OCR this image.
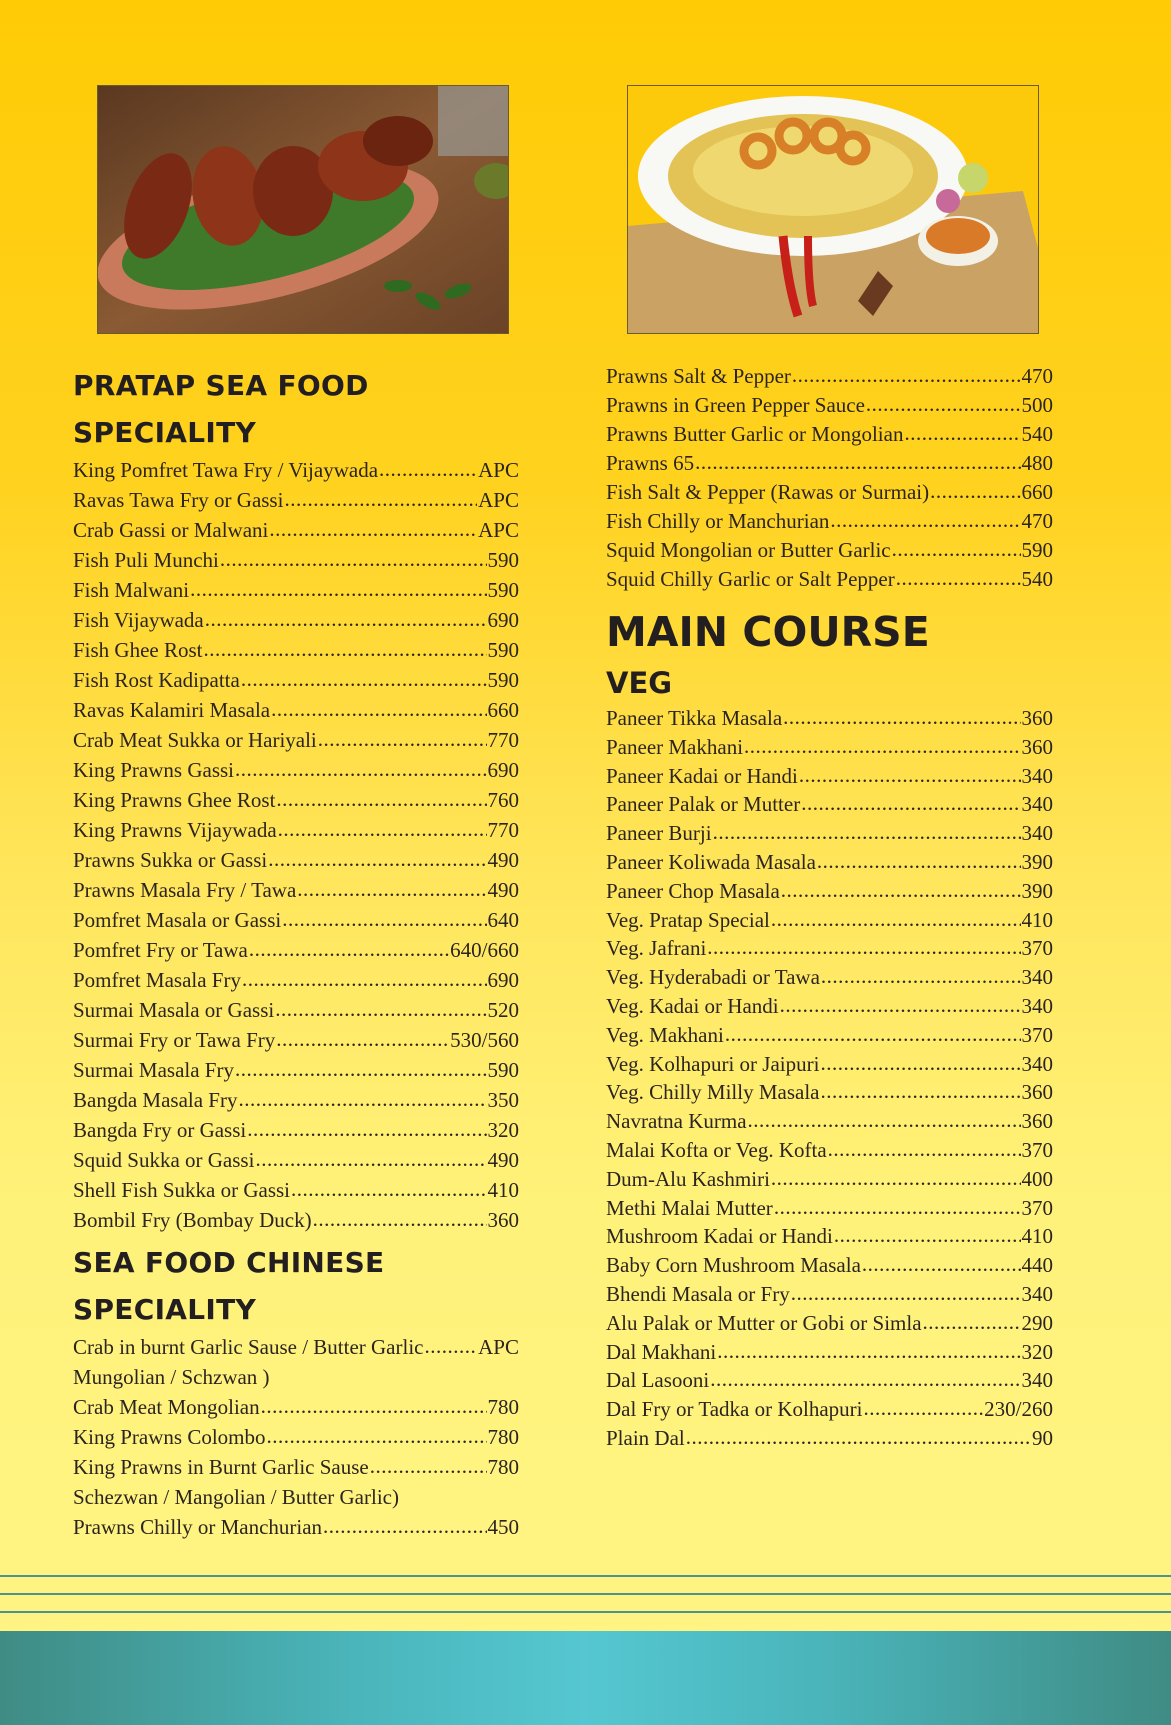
PRATAP SEA FOOD
SPECIALITY
King Pomfret Tawa Fry / Vijaywada .....	APC
Ravas Tawa Fry or Gassi .....	APC
Crab Gassi or Malwani .....	APC
Fish Puli Munchi .....	590
Fish Malwani .....	590
Fish Vijaywada .....	690
Fish Ghee Rost .....	590
Fish Rost Kadipatta .....	590
Ravas Kalamiri Masala .....	660
Crab Meat Sukka or Hariyali .....	770
King Prawns Gassi .....	690
King Prawns Ghee Rost .....	760
King Prawns Vijaywada .....	770
Prawns Sukka or Gassi .....	490
Prawns Masala Fry / Tawa .....	490
Pomfret Masala or Gassi .....	640
Pomfret Fry or Tawa .....	640/660
Pomfret Masala Fry .....	690
Surmai Masala or Gassi .....	520
Surmai Fry or Tawa Fry .....	530/560
Surmai Masala Fry .....	590
Bangda Masala Fry .....	350
Bangda Fry or Gassi .....	320
Squid Sukka or Gassi .....	490
Shell Fish Sukka or Gassi .....	410
Bombil Fry (Bombay Duck) .....	360
SEA FOOD CHINESE
SPECIALITY
Crab in burnt Garlic Sause / Butter Garlic .....	APC
Mungolian / Schzwan )
Crab Meat Mongolian .....	780
King Prawns Colombo .....	780
King Prawns in Burnt Garlic Sause .....	780
Schezwan / Mangolian / Butter Garlic)
Prawns Chilly or Manchurian .....	450
Prawns Salt & Pepper .....	470
Prawns in Green Pepper Sauce .....	500
Prawns Butter Garlic or Mongolian .....	540
Prawns 65 .....	480
Fish Salt & Pepper (Rawas or Surmai) .....	660
Fish Chilly or Manchurian .....	470
Squid Mongolian or Butter Garlic .....	590
Squid Chilly Garlic or Salt Pepper .....	540
MAIN COURSE
VEG
Paneer Tikka Masala .....	360
Paneer Makhani .....	360
Paneer Kadai or Handi .....	340
Paneer Palak or Mutter .....	340
Paneer Burji .....	340
Paneer Koliwada Masala .....	390
Paneer Chop Masala .....	390
Veg. Pratap Special .....	410
Veg. Jafrani .....	370
Veg. Hyderabadi or Tawa .....	340
Veg. Kadai or Handi .....	340
Veg. Makhani .....	370
Veg. Kolhapuri or Jaipuri .....	340
Veg. Chilly Milly Masala .....	360
Navratna Kurma .....	360
Malai Kofta or Veg. Kofta .....	370
Dum-Alu Kashmiri .....	400
Methi Malai Mutter .....	370
Mushroom Kadai or Handi .....	410
Baby Corn Mushroom Masala .....	440
Bhendi Masala or Fry .....	340
Alu Palak or Mutter or Gobi or Simla .....	290
Dal Makhani .....	320
Dal Lasooni .....	340
Dal Fry or Tadka or Kolhapuri .....	230/260
Plain Dal .....	90
